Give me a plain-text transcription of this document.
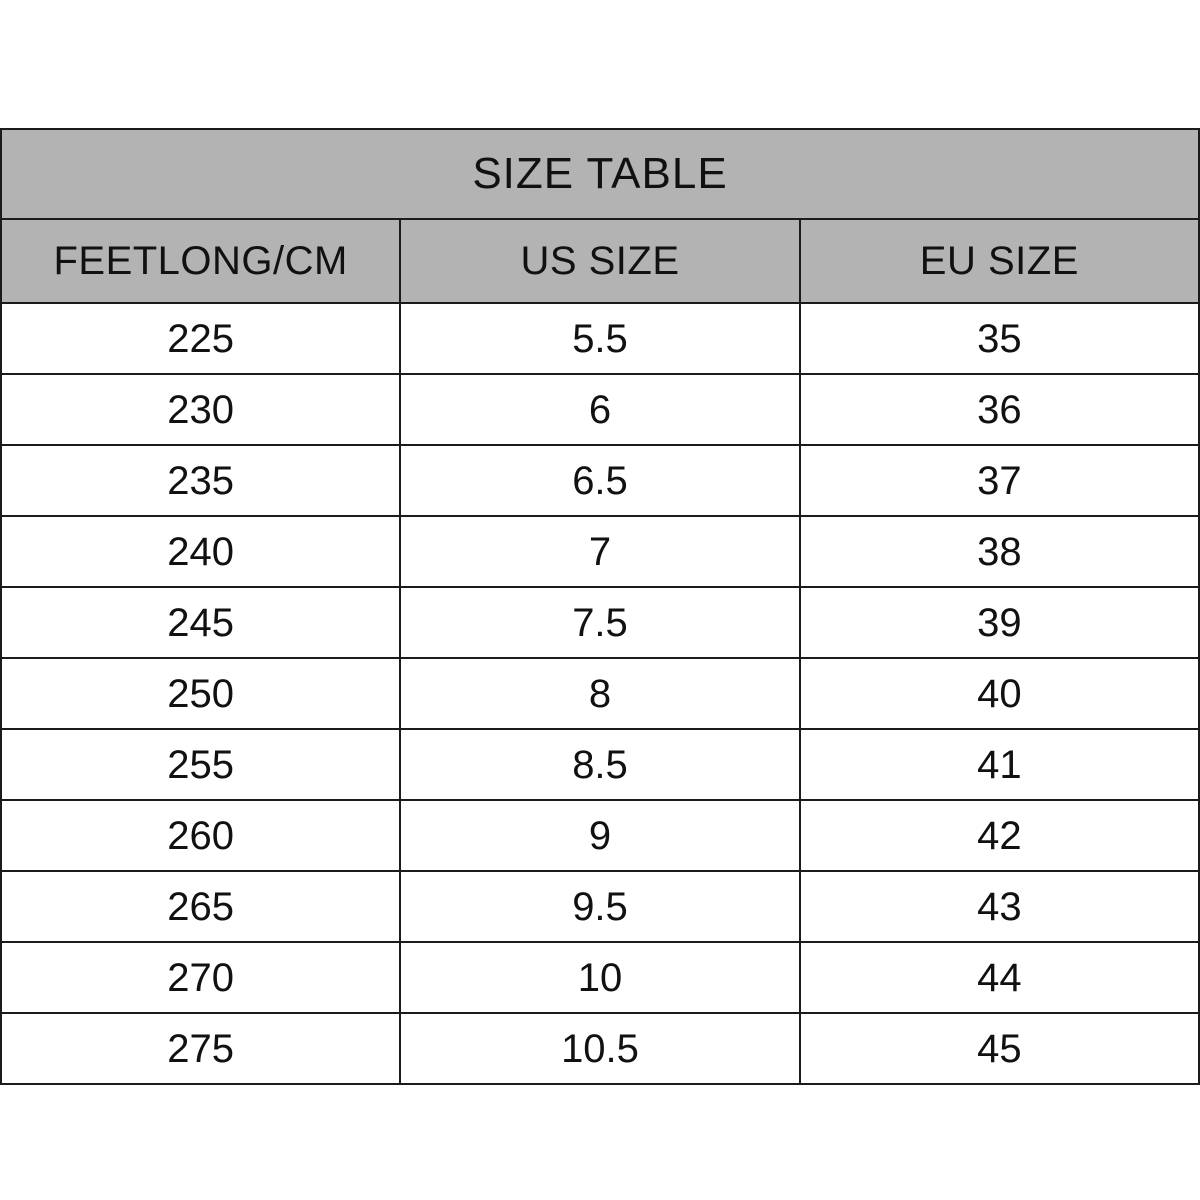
SIZE TABLE		

FEETLONG/CM	US SIZE	EU SIZE

225	5.5	35

230	6	36

235	6.5	37

240	7	38

245	7.5	39

250	8	40

255	8.5	41

260	9	42

265	9.5	43

270	10	44

275	10.5	45
